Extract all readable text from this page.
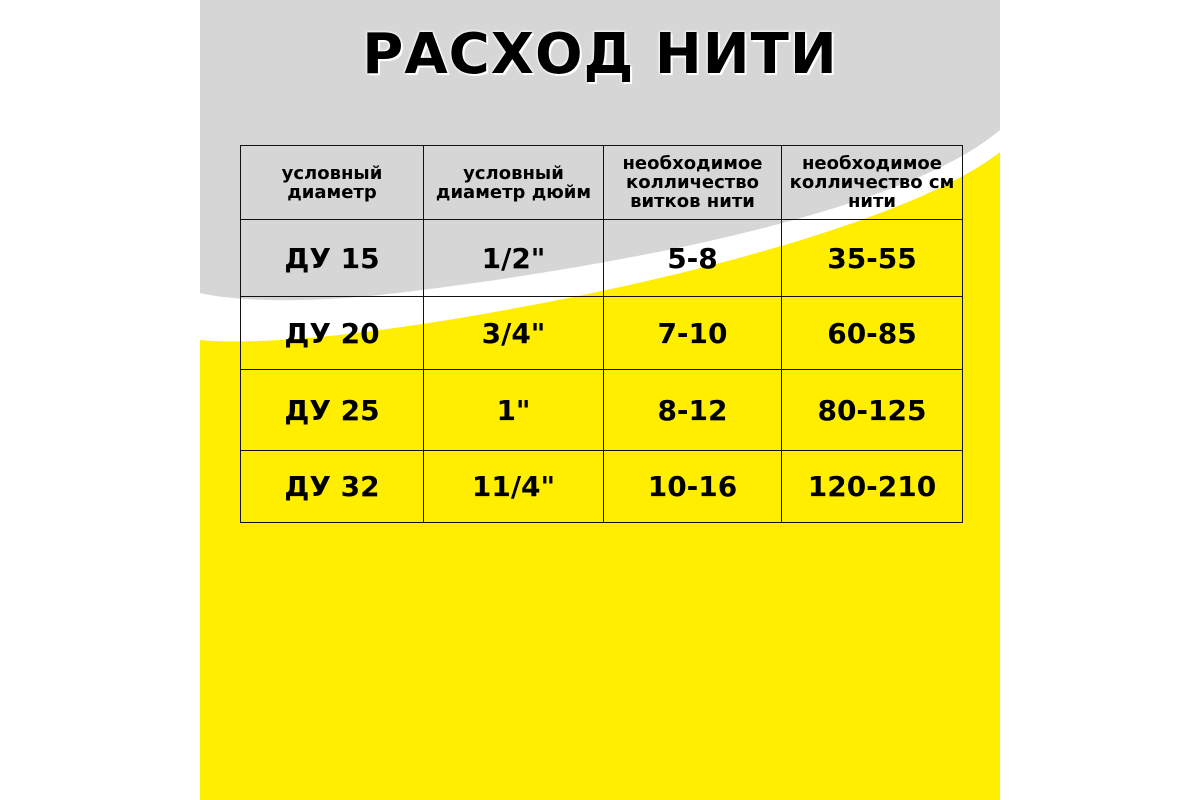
РАСХОД НИТИ
условный диаметр	условный диаметр дюйм	необходимое колличество витков нити	необходимое колличество см нити
ДУ 15	1/2"	5-8	35-55
ДУ 20	3/4"	7-10	60-85
ДУ 25	1"	8-12	80-125
ДУ 32	11/4"	10-16	120-210
